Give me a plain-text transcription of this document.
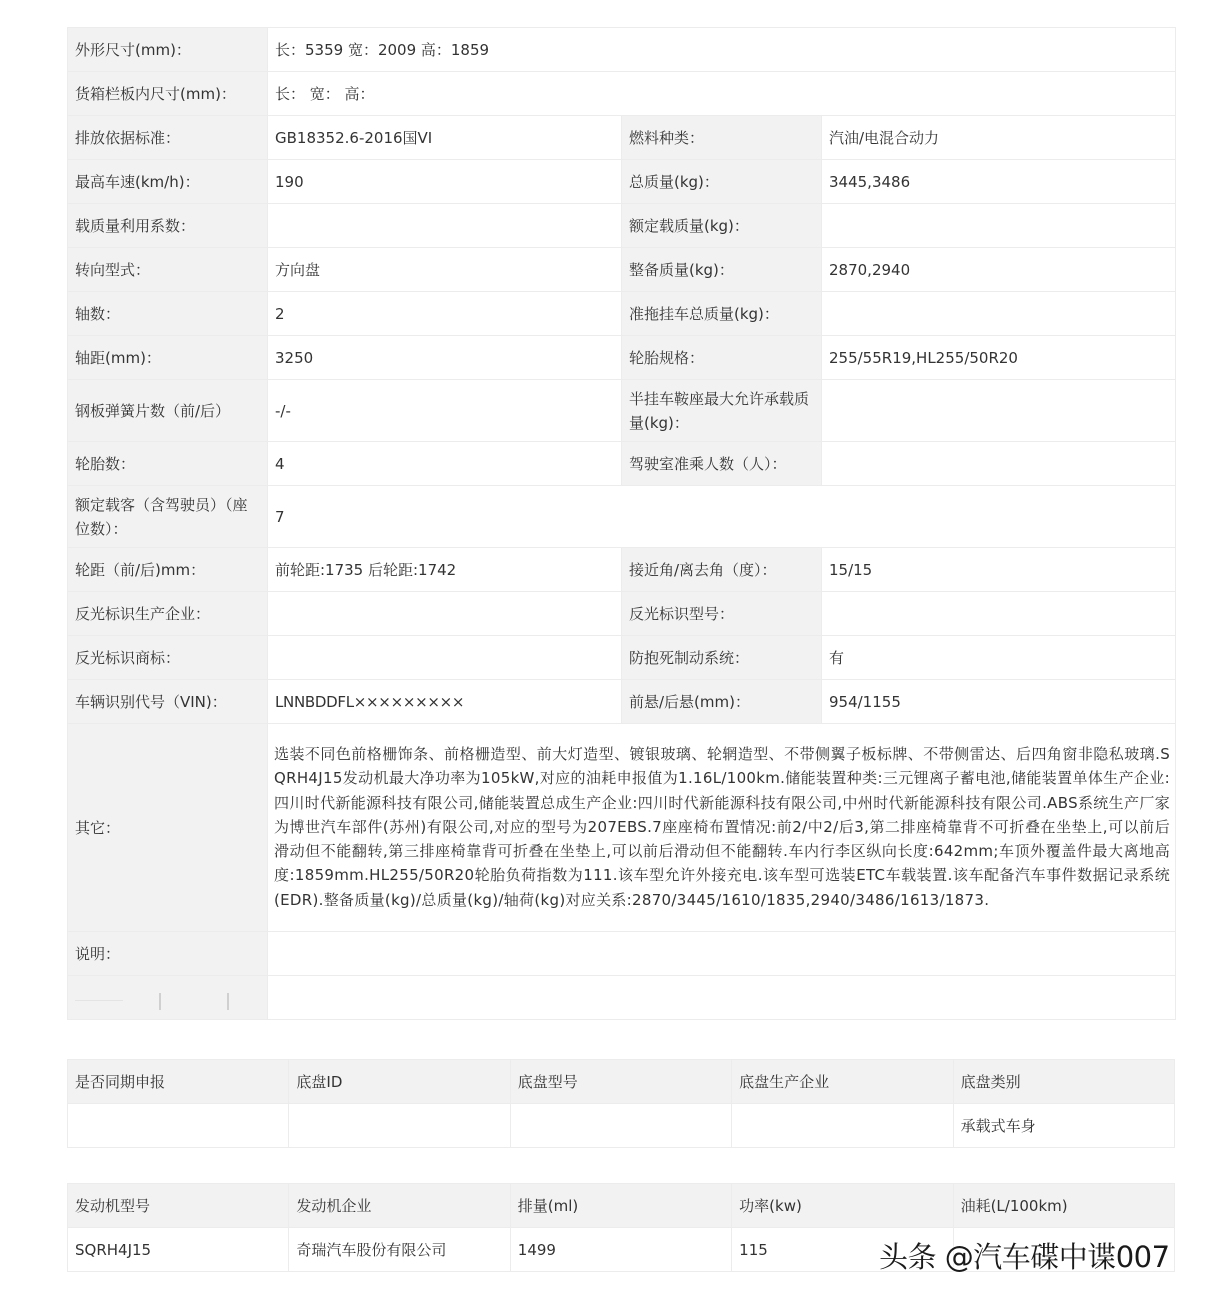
外形尺寸(mm)：	长：5359 宽：2009 高：1859		
货箱栏板内尺寸(mm)：	长： 宽： 高：		
排放依据标准：	GB18352.6-2016国VI	燃料种类：	汽油/电混合动力
最高车速(km/h)：	190	总质量(kg)：	3445,3486
载质量利用系数：		额定载质量(kg)：	
转向型式：	方向盘	整备质量(kg)：	2870,2940
轴数：	2	准拖挂车总质量(kg)：	
轴距(mm)：	3250	轮胎规格：	255/55R19,HL255/50R20
钢板弹簧片数（前/后）	-/-	半挂车鞍座最大允许承载质量(kg)：	
轮胎数：	4	驾驶室准乘人数（人）：	
额定载客（含驾驶员）（座位数）：	7		
轮距（前/后)mm：	前轮距:1735 后轮距:1742	接近角/离去角（度）：	15/15
反光标识生产企业：		反光标识型号：	
反光标识商标：		防抱死制动系统：	有
车辆识别代号（VIN)：	LNNBDDFL×××××××××	前悬/后悬(mm)：	954/1155
其它：	选装不同色前格栅饰条、前格栅造型、前大灯造型、镀银玻璃、轮辋造型、不带侧翼子板标牌、不带侧雷达、后四角窗非隐私玻璃.SQRH4J15发动机最大净功率为105kW,对应的油耗申报值为1.16L/100km.储能装置种类:三元锂离子蓄电池,储能装置单体生产企业:四川时代新能源科技有限公司,储能装置总成生产企业:四川时代新能源科技有限公司,中州时代新能源科技有限公司.ABS系统生产厂家为博世汽车部件(苏州)有限公司,对应的型号为207EBS.7座座椅布置情况:前2/中2/后3,第二排座椅靠背不可折叠在坐垫上,可以前后滑动但不能翻转,第三排座椅靠背可折叠在坐垫上,可以前后滑动但不能翻转.车内行李区纵向长度:642mm;车顶外覆盖件最大离地高度:1859mm.HL255/50R20轮胎负荷指数为111.该车型允许外接充电.该车型可选装ETC车载装置.该车配备汽车事件数据记录系统(EDR).整备质量(kg)/总质量(kg)/轴荷(kg)对应关系:2870/3445/1610/1835,2940/3486/1613/1873.		
说明：			

是否同期申报	底盘ID	底盘型号	底盘生产企业	底盘类别
				承载式车身
发动机型号	发动机企业	排量(ml)	功率(kw)	油耗(L/100km)
SQRH4J15	奇瑞汽车股份有限公司	1499	115		头条 @汽车碟中谍007
